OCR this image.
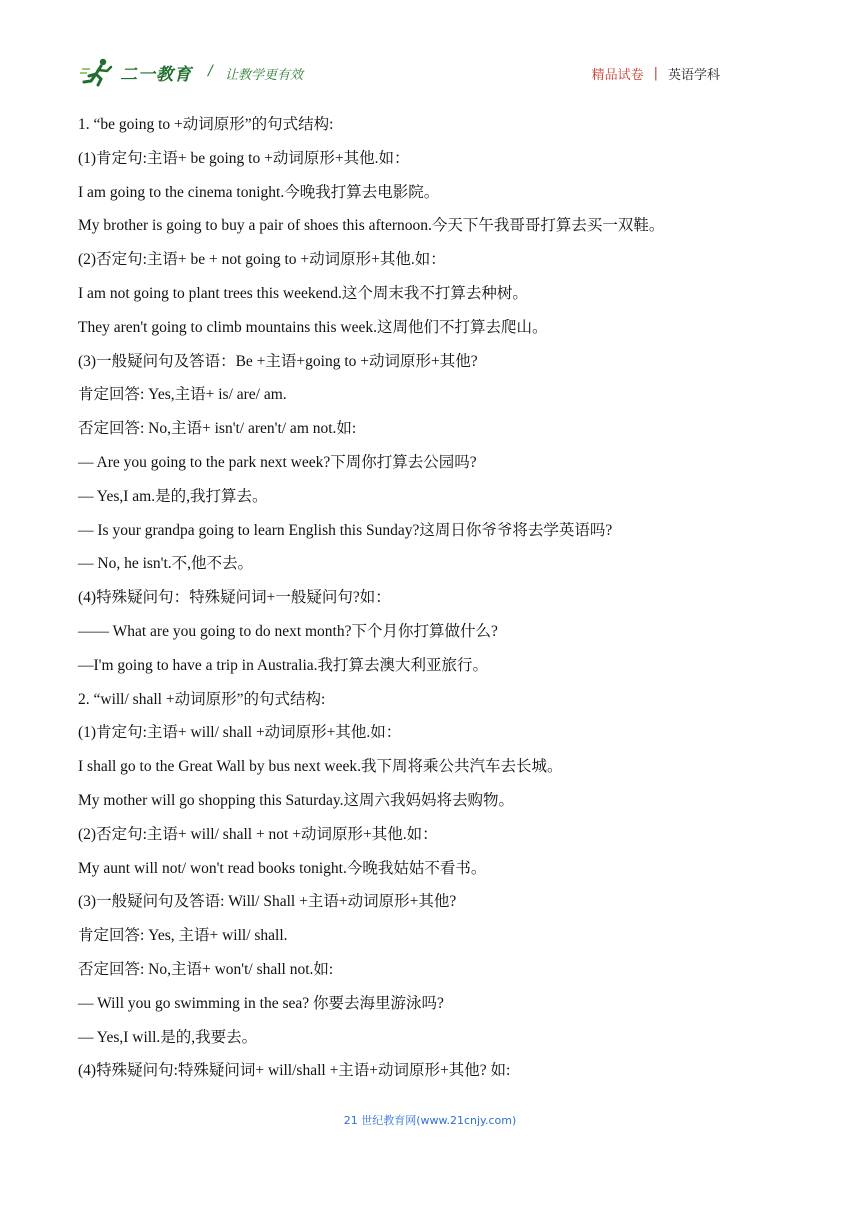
二一教育 / 让教学更有效	精品试卷 | 英语学科
1. “be going to +动词原形”的句式结构:
(1)肯定句:主语+ be going to +动词原形+其他.如：
I am going to the cinema tonight.今晚我打算去电影院。
My brother is going to buy a pair of shoes this afternoon.今天下午我哥哥打算去买一双鞋。
(2)否定句:主语+ be + not going to +动词原形+其他.如：
I am not going to plant trees this weekend.这个周末我不打算去种树。
They aren't going to climb mountains this week.这周他们不打算去爬山。
(3)一般疑问句及答语：Be +主语+going to +动词原形+其他?
肯定回答: Yes,主语+ is/ are/ am.
否定回答: No,主语+ isn't/ aren't/ am not.如:
— Are you going to the park next week?下周你打算去公园吗?
— Yes,I am.是的,我打算去。
— Is your grandpa going to learn English this Sunday?这周日你爷爷将去学英语吗?
— No, he isn't.不,他不去。
(4)特殊疑问句：特殊疑问词+一般疑问句?如：
—— What are you going to do next month?下个月你打算做什么?
—I'm going to have a trip in Australia.我打算去澳大利亚旅行。
2. “will/ shall +动词原形”的句式结构:
(1)肯定句:主语+ will/ shall +动词原形+其他.如：
I shall go to the Great Wall by bus next week.我下周将乘公共汽车去长城。
My mother will go shopping this Saturday.这周六我妈妈将去购物。
(2)否定句:主语+ will/ shall + not +动词原形+其他.如：
My aunt will not/ won't read books tonight.今晚我姑姑不看书。
(3)一般疑问句及答语: Will/ Shall +主语+动词原形+其他?
肯定回答: Yes, 主语+ will/ shall.
否定回答: No,主语+ won't/ shall not.如:
— Will you go swimming in the sea? 你要去海里游泳吗?
— Yes,I will.是的,我要去。
(4)特殊疑问句:特殊疑问词+ will/shall +主语+动词原形+其他? 如:
21 世纪教育网(www.21cnjy.com)
